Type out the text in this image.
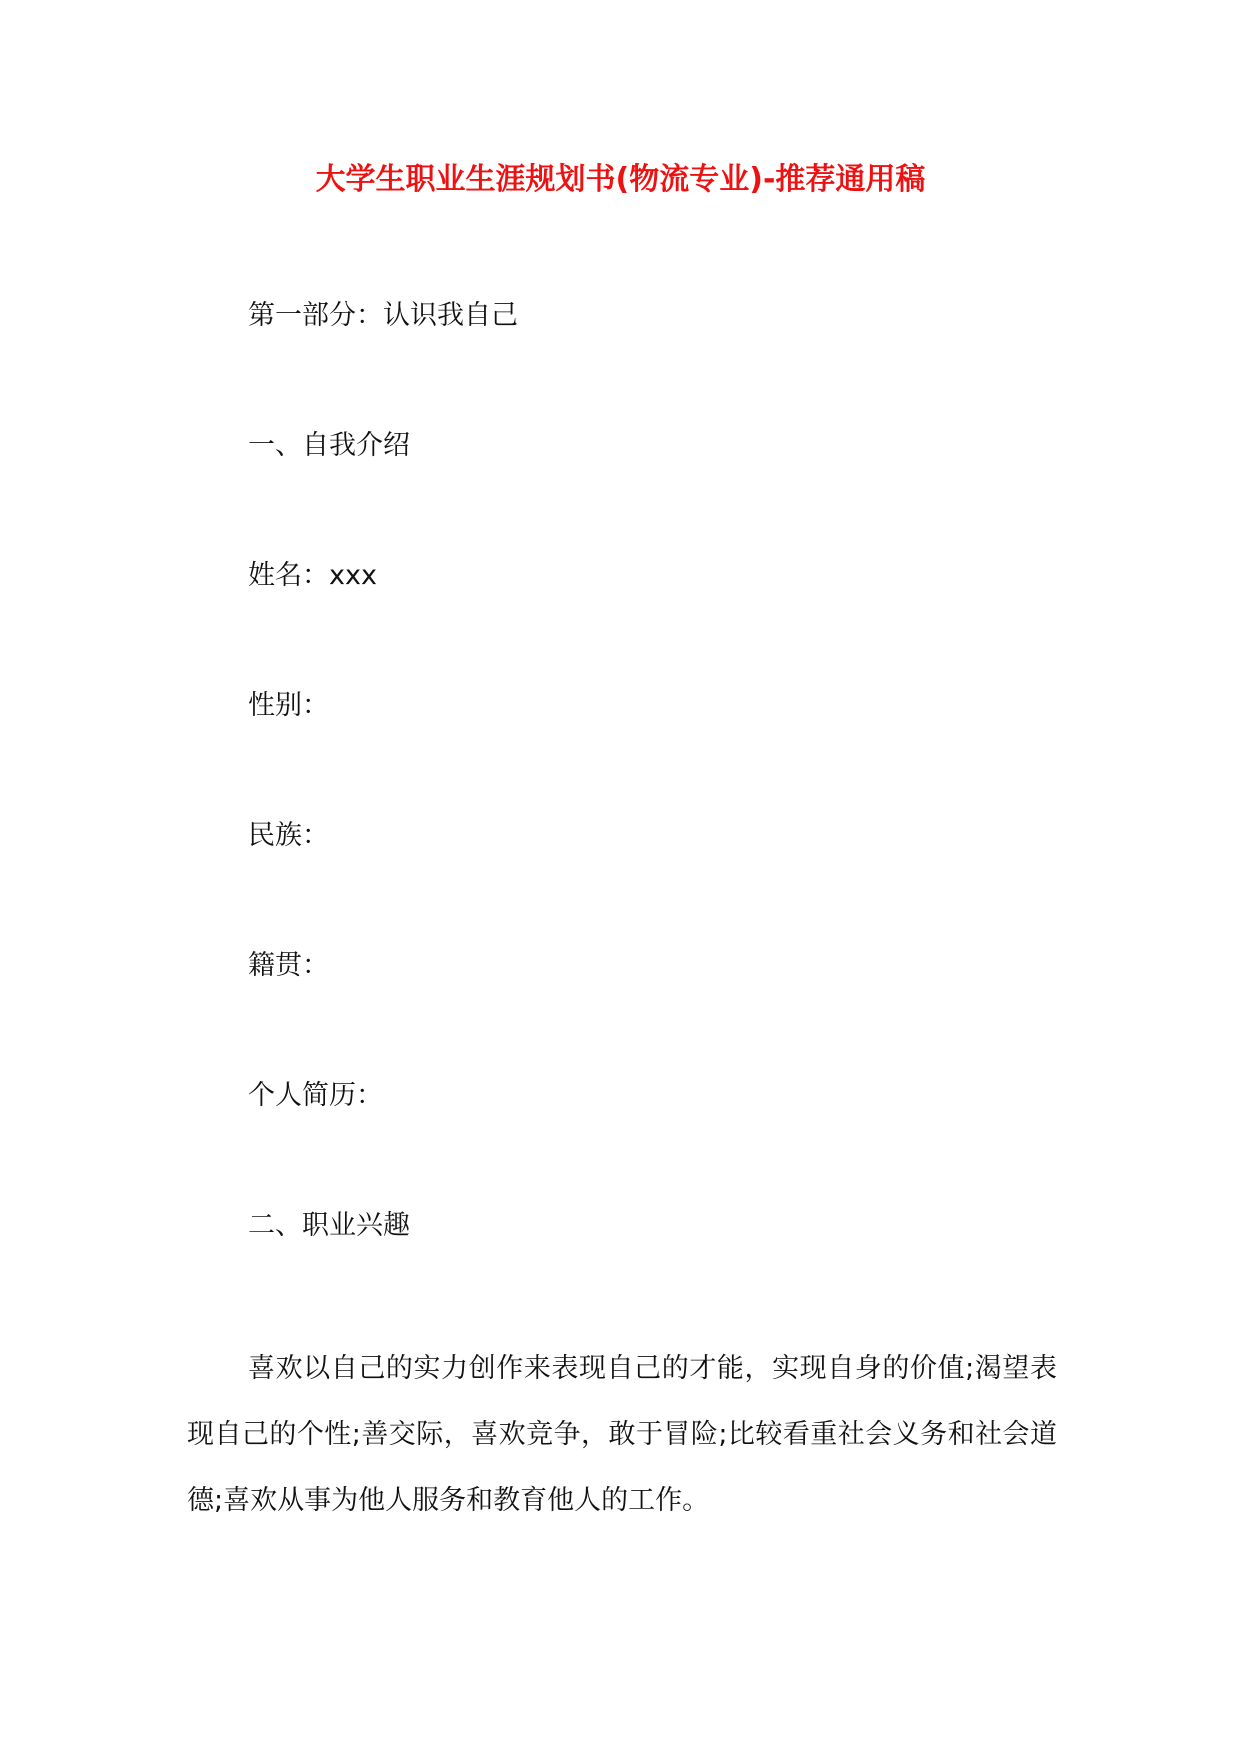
大学生职业生涯规划书(物流专业)-推荐通用稿
第一部分：认识我自己
一、自我介绍
姓名：xxx
性别：
民族：
籍贯：
个人简历：
二、职业兴趣
喜欢以自己的实力创作来表现自己的才能，实现自身的价值;渴望表现自己的个性;善交际，喜欢竞争，敢于冒险;比较看重社会义务和社会道德;喜欢从事为他人服务和教育他人的工作。
